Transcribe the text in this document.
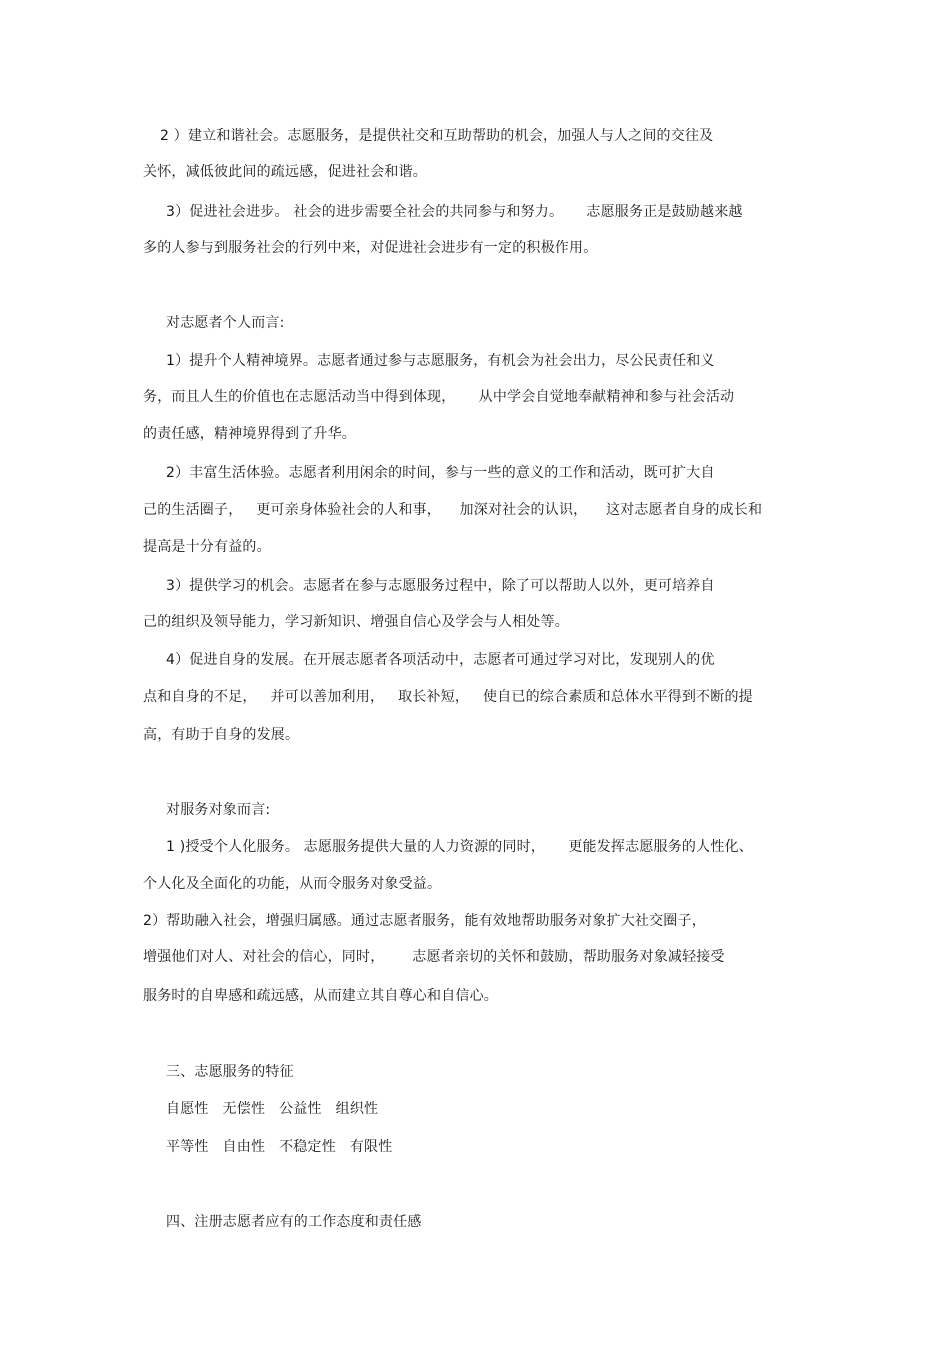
2 ）建立和谐社会。志愿服务，是提供社交和互助帮助的机会，加强人与人之间的交往及
关怀，减低彼此间的疏远感，促进社会和谐。
3）促进社会进步。 社会的进步需要全社会的共同参与和努力。     志愿服务正是鼓励越来越
多的人参与到服务社会的行列中来，对促进社会进步有一定的积极作用。
对志愿者个人而言:
1）提升个人精神境界。志愿者通过参与志愿服务，有机会为社会出力，尽公民责任和义
务，而且人生的价值也在志愿活动当中得到体现，     从中学会自觉地奉献精神和参与社会活动
的责任感，精神境界得到了升华。
2）丰富生活体验。志愿者利用闲余的时间，参与一些的意义的工作和活动，既可扩大自
己的生活圈子，   更可亲身体验社会的人和事，    加深对社会的认识，    这对志愿者自身的成长和
提高是十分有益的。
3）提供学习的机会。志愿者在参与志愿服务过程中，除了可以帮助人以外，更可培养自
己的组织及领导能力，学习新知识、增强自信心及学会与人相处等。
4）促进自身的发展。在开展志愿者各项活动中，志愿者可通过学习对比，发现别人的优
点和自身的不足，   并可以善加利用，   取长补短，   使自已的综合素质和总体水平得到不断的提
高，有助于自身的发展。
对服务对象而言:
1 )授受个人化服务。 志愿服务提供大量的人力资源的同时，     更能发挥志愿服务的人性化、
个人化及全面化的功能，从而令服务对象受益。
2）帮助融入社会，增强归属感。通过志愿者服务，能有效地帮助服务对象扩大社交圈子，
增强他们对人、对社会的信心，同时，      志愿者亲切的关怀和鼓励，帮助服务对象减轻接受
服务时的自卑感和疏远感，从而建立其自尊心和自信心。
三、志愿服务的特征
自愿性   无偿性   公益性   组织性
平等性   自由性   不稳定性   有限性
四、注册志愿者应有的工作态度和责任感
